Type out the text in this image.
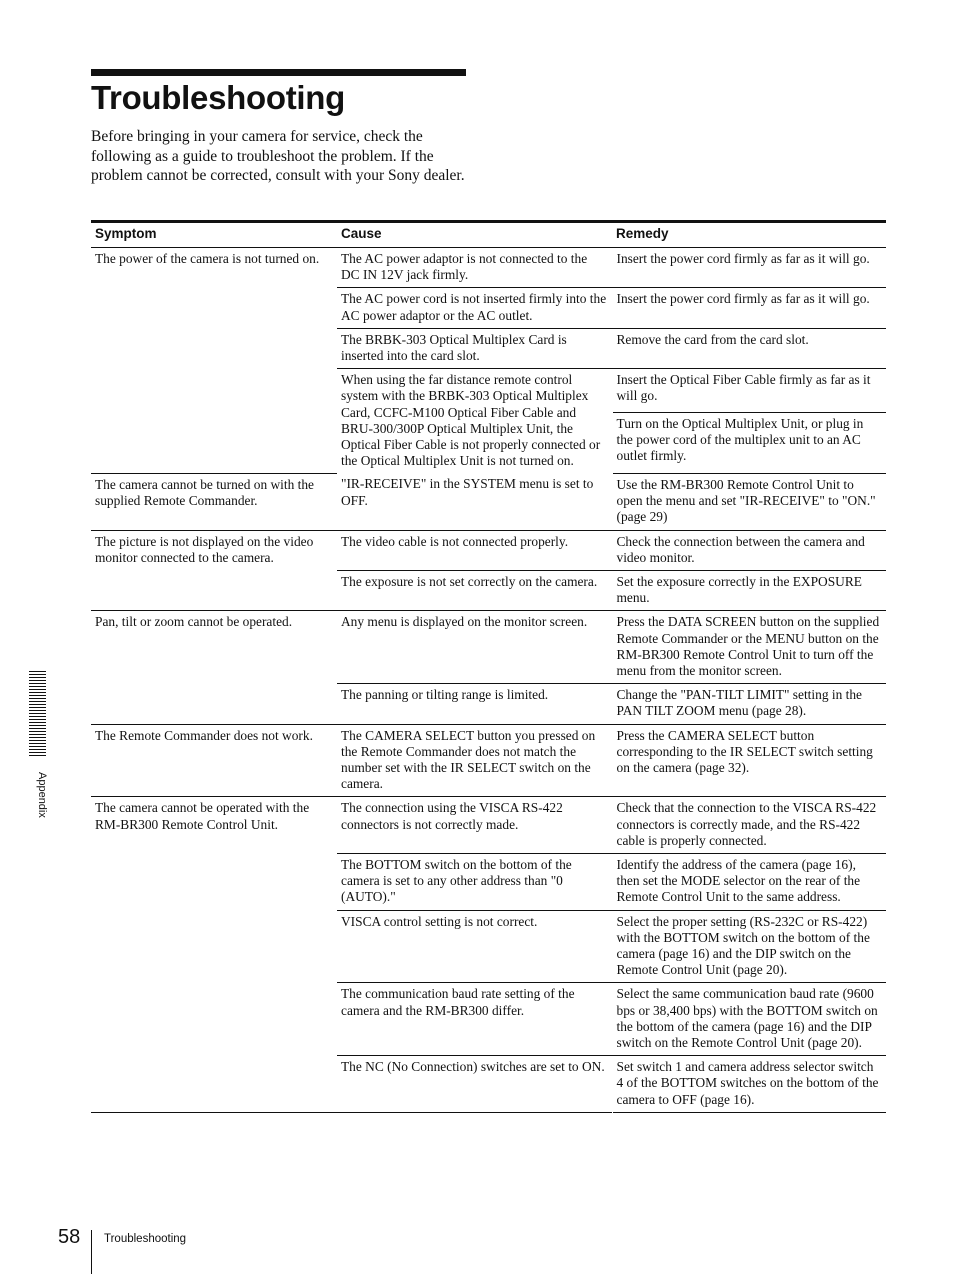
Troubleshooting

Before bringing in your camera for service, check the following as a guide to troubleshoot the problem. If the problem cannot be corrected, consult with your Sony dealer.

Symptom	Cause	Remedy
The power of the camera is not turned on.	The AC power adaptor is not connected to the DC IN 12V jack firmly.	Insert the power cord firmly as far as it will go.
	The AC power cord is not inserted firmly into the AC power adaptor or the AC outlet.	Insert the power cord firmly as far as it will go.
	The BRBK-303 Optical Multiplex Card is inserted into the card slot.	Remove the card from the card slot.
	When using the far distance remote control system with the BRBK-303 Optical Multiplex Card, CCFC-M100 Optical Fiber Cable and BRU-300/300P Optical Multiplex Unit, the Optical Fiber Cable is not properly connected or the Optical Multiplex Unit is not turned on.	Insert the Optical Fiber Cable firmly as far as it will go.
		Turn on the Optical Multiplex Unit, or plug in the power cord of the multiplex unit to an AC outlet firmly.
The camera cannot be turned on with the supplied Remote Commander.	"IR-RECEIVE" in the SYSTEM menu is set to OFF.	Use the RM-BR300 Remote Control Unit to open the menu and set "IR-RECEIVE" to "ON." (page 29)
The picture is not displayed on the video monitor connected to the camera.	The video cable is not connected properly.	Check the connection between the camera and video monitor.
	The exposure is not set correctly on the camera.	Set the exposure correctly in the EXPOSURE menu.
Pan, tilt or zoom cannot be operated.	Any menu is displayed on the monitor screen.	Press the DATA SCREEN button on the supplied Remote Commander or the MENU button on the RM-BR300 Remote Control Unit to turn off the menu from the monitor screen.
	The panning or tilting range is limited.	Change the "PAN-TILT LIMIT" setting in the PAN TILT ZOOM menu (page 28).
The Remote Commander does not work.	The CAMERA SELECT button you pressed on the Remote Commander does not match the number set with the IR SELECT switch on the camera.	Press the CAMERA SELECT button corresponding to the IR SELECT switch setting on the camera (page 32).
The camera cannot be operated with the RM-BR300 Remote Control Unit.	The connection using the VISCA RS-422 connectors is not correctly made.	Check that the connection to the VISCA RS-422 connectors is correctly made, and the RS-422 cable is properly connected.
	The BOTTOM switch on the bottom of the camera is set to any other address than "0 (AUTO)."	Identify the address of the camera (page 16), then set the MODE selector on the rear of the Remote Control Unit to the same address.
	VISCA control setting is not correct.	Select the proper setting (RS-232C or RS-422) with the BOTTOM switch on the bottom of the camera (page 16) and the DIP switch on the Remote Control Unit (page 20).
	The communication baud rate setting of the camera and the RM-BR300 differ.	Select the same communication baud rate (9600 bps or 38,400 bps) with the BOTTOM switch on the bottom of the camera (page 16) and the DIP switch on the Remote Control Unit (page 20).
	The NC (No Connection) switches are set to ON.	Set switch 1 and camera address selector switch 4 of the BOTTOM switches on the bottom of the camera to OFF (page 16).
Appendix
58 Troubleshooting
